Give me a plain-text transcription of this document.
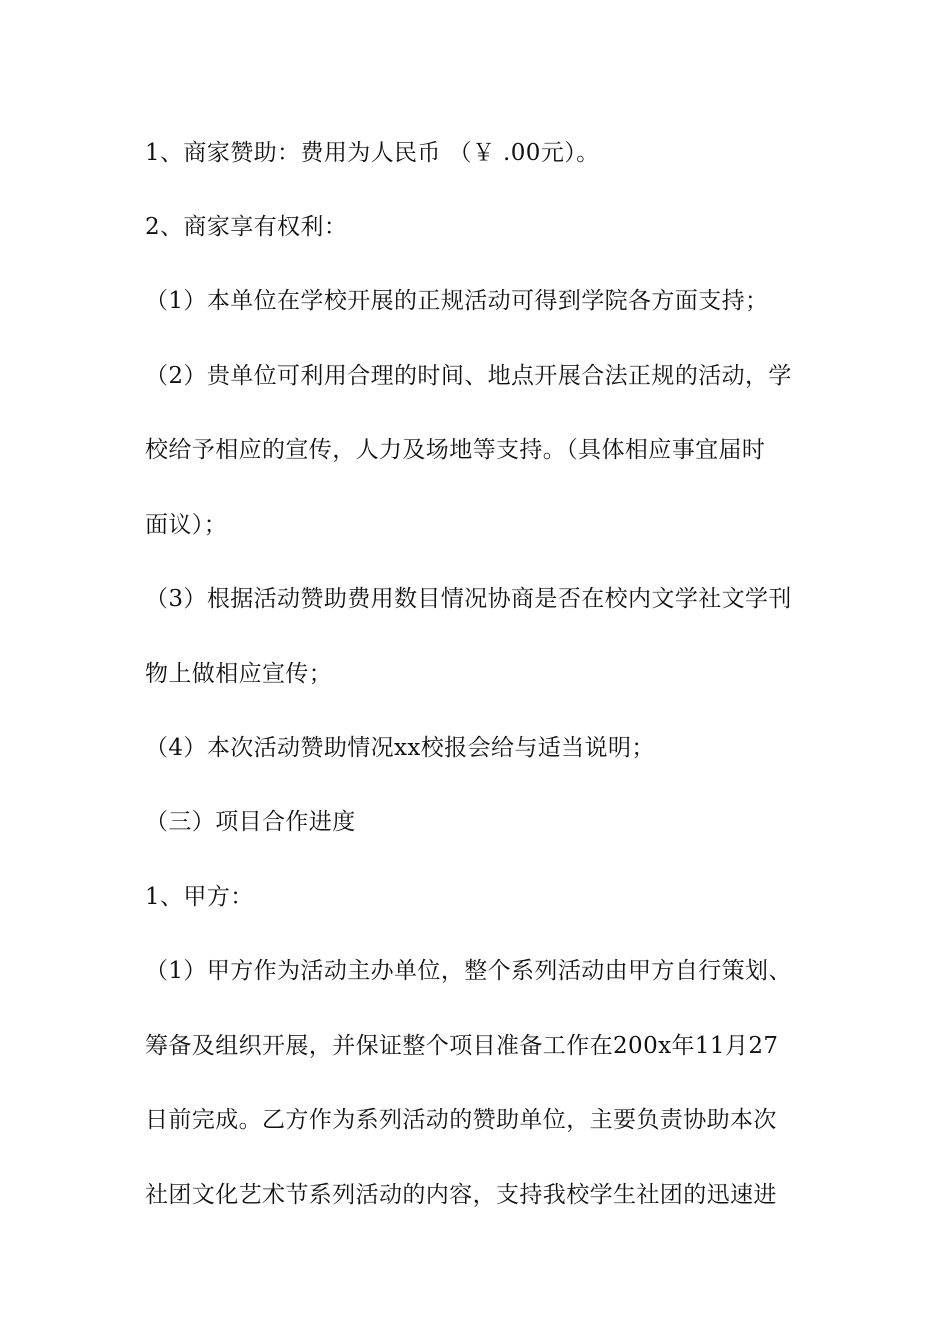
1、商家赞助：费用为人民币 （￥ .00元）。
2、商家享有权利：
（1）本单位在学校开展的正规活动可得到学院各方面支持；
（2）贵单位可利用合理的时间、地点开展合法正规的活动，学
校给予相应的宣传，人力及场地等支持。（具体相应事宜届时
面议）；
（3）根据活动赞助费用数目情况协商是否在校内文学社文学刊
物上做相应宣传；
（4）本次活动赞助情况xx校报会给与适当说明；
（三）项目合作进度
1、甲方：
（1）甲方作为活动主办单位，整个系列活动由甲方自行策划、
筹备及组织开展，并保证整个项目准备工作在200x年11月27
日前完成。乙方作为系列活动的赞助单位，主要负责协助本次
社团文化艺术节系列活动的内容，支持我校学生社团的迅速进
